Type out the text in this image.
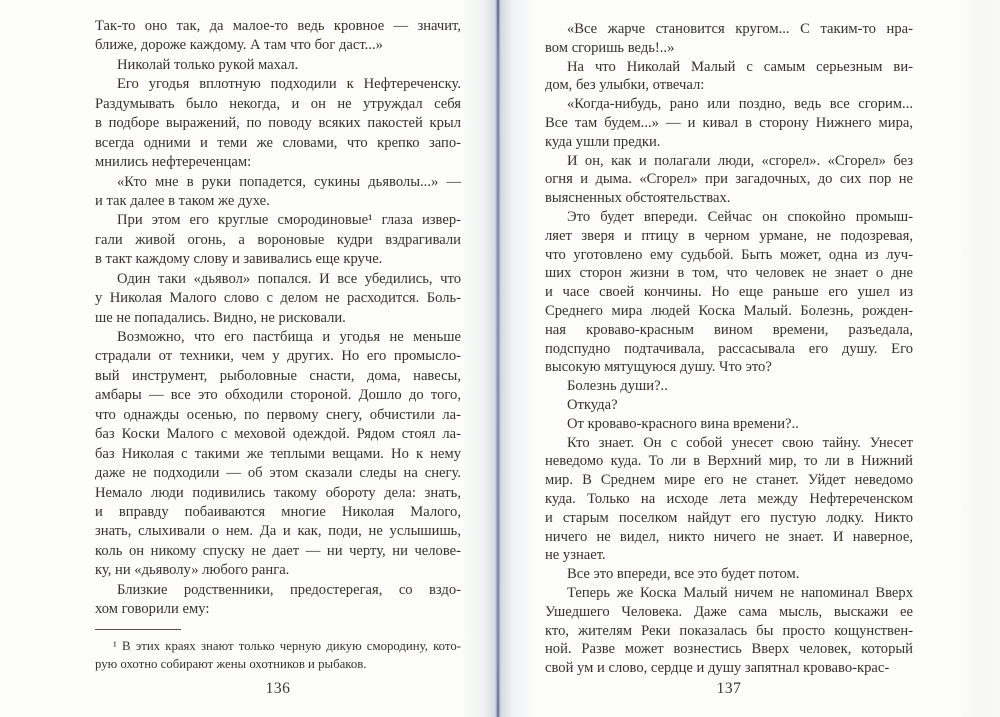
Так-то оно так, да малое-то ведь кровное — значит,
ближе, дороже каждому. А там что бог даст...»
Николай только рукой махал.
Его угодья вплотную подходили к Нефтереченску.
Раздумывать было некогда, и он не утруждал себя
в подборе выражений, по поводу всяких пакостей крыл
всегда одними и теми же словами, что крепко запо-
мнились нефтереченцам:
«Кто мне в руки попадется, сукины дьяволы...» —
и так далее в таком же духе.
При этом его круглые смородиновые¹ глаза извер-
гали живой огонь, а вороновые кудри вздрагивали
в такт каждому слову и завивались еще круче.
Один таки «дьявол» попался. И все убедились, что
у Николая Малого слово с делом не расходится. Боль-
ше не попадались. Видно, не рисковали.
Возможно, что его пастбища и угодья не меньше
страдали от техники, чем у других. Но его промысло-
вый инструмент, рыболовные снасти, дома, навесы,
амбары — все это обходили стороной. Дошло до того,
что однажды осенью, по первому снегу, обчистили ла-
баз Коски Малого с меховой одеждой. Рядом стоял ла-
баз Николая с такими же теплыми вещами. Но к нему
даже не подходили — об этом сказали следы на снегу.
Немало люди подивились такому обороту дела: знать,
и вправду побаиваются многие Николая Малого,
знать, слыхивали о нем. Да и как, поди, не услышишь,
коль он никому спуску не дает — ни черту, ни челове-
ку, ни «дьяволу» любого ранга.
Близкие родственники, предостерегая, со вздо-
хом говорили ему:
¹ В этих краях знают только черную дикую смородину, кото-
рую охотно собирают жены охотников и рыбаков.
136
«Все жарче становится кругом... С таким-то нра-
вом сгоришь ведь!..»
На что Николай Малый с самым серьезным ви-
дом, без улыбки, отвечал:
«Когда-нибудь, рано или поздно, ведь все сгорим...
Все там будем...» — и кивал в сторону Нижнего мира,
куда ушли предки.
И он, как и полагали люди, «сгорел». «Сгорел» без
огня и дыма. «Сгорел» при загадочных, до сих пор не
выясненных обстоятельствах.
Это будет впереди. Сейчас он спокойно промыш-
ляет зверя и птицу в черном урмане, не подозревая,
что уготовлено ему судьбой. Быть может, одна из луч-
ших сторон жизни в том, что человек не знает о дне
и часе своей кончины. Но еще раньше его ушел из
Среднего мира людей Коска Малый. Болезнь, рожден-
ная кроваво-красным вином времени, разъедала,
подспудно подтачивала, рассасывала его душу. Его
высокую мятущуюся душу. Что это?
Болезнь души?..
Откуда?
От кроваво-красного вина времени?..
Кто знает. Он с собой унесет свою тайну. Унесет
неведомо куда. То ли в Верхний мир, то ли в Нижний
мир. В Среднем мире его не станет. Уйдет неведомо
куда. Только на исходе лета между Нефтереченском
и старым поселком найдут его пустую лодку. Никто
ничего не видел, никто ничего не знает. И наверное,
не узнает.
Все это впереди, все это будет потом.
Теперь же Коска Малый ничем не напоминал Вверх
Ушедшего Человека. Даже сама мысль, выскажи ее
кто, жителям Реки показалась бы просто кощунствен-
ной. Разве может вознестись Вверх человек, который
свой ум и слово, сердце и душу запятнал кроваво-крас-
137
